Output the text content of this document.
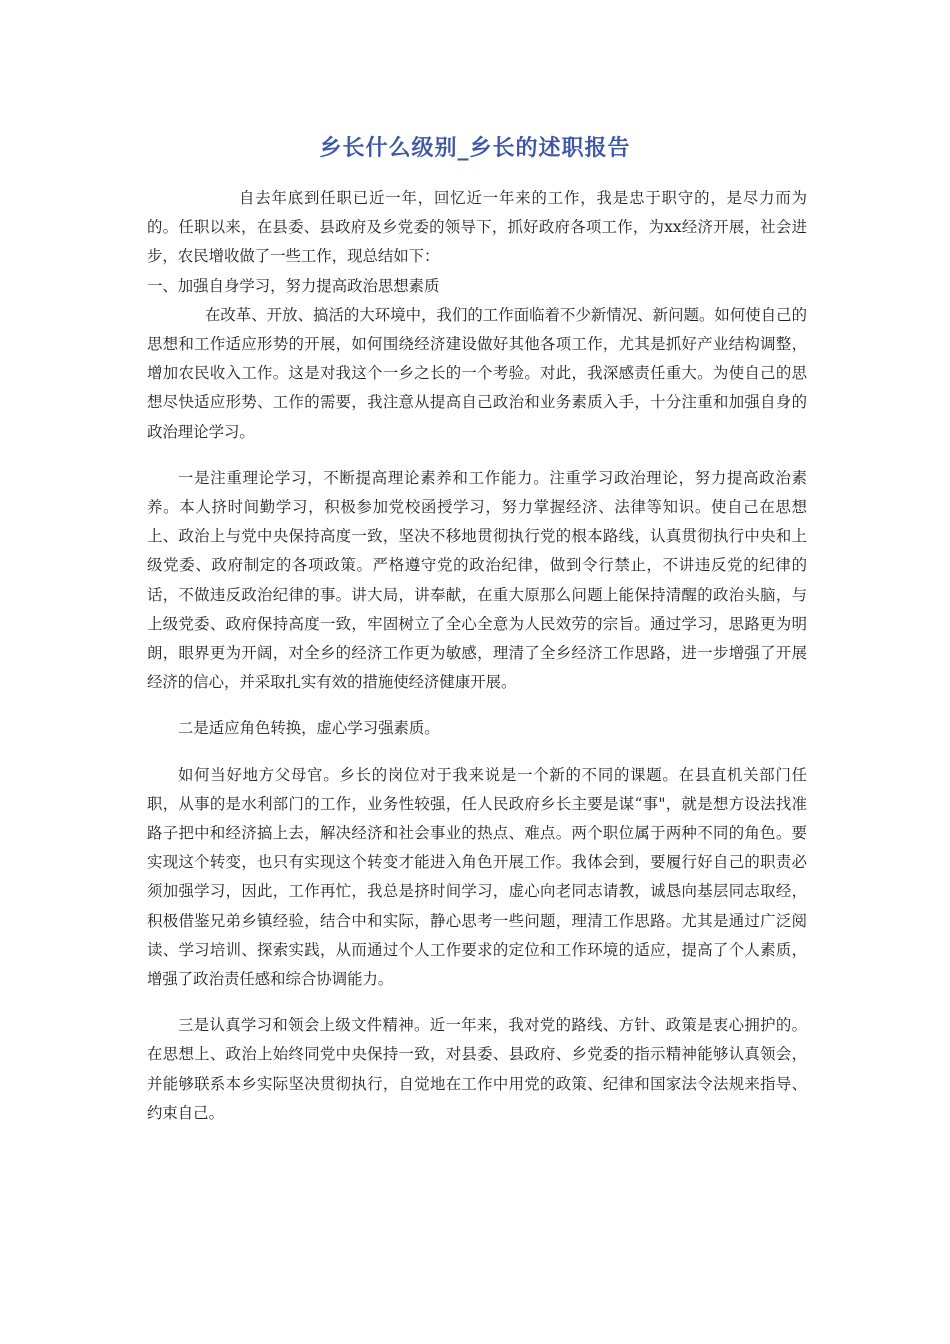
乡长什么级别_乡长的述职报告

自去年底到任职已近一年，回忆近一年来的工作，我是忠于职守的，是尽力而为的。任职以来，在县委、县政府及乡党委的领导下，抓好政府各项工作，为xx经济开展，社会进步，农民增收做了一些工作，现总结如下：

一、加强自身学习，努力提高政治思想素质

在改革、开放、搞活的大环境中，我们的工作面临着不少新情况、新问题。如何使自己的思想和工作适应形势的开展，如何围绕经济建设做好其他各项工作，尤其是抓好产业结构调整，增加农民收入工作。这是对我这个一乡之长的一个考验。对此，我深感责任重大。为使自己的思想尽快适应形势、工作的需要，我注意从提高自己政治和业务素质入手，十分注重和加强自身的政治理论学习。

一是注重理论学习，不断提高理论素养和工作能力。注重学习政治理论，努力提高政治素养。本人挤时间勤学习，积极参加党校函授学习，努力掌握经济、法律等知识。使自己在思想上、政治上与党中央保持高度一致，坚决不移地贯彻执行党的根本路线，认真贯彻执行中央和上级党委、政府制定的各项政策。严格遵守党的政治纪律，做到令行禁止，不讲违反党的纪律的话，不做违反政治纪律的事。讲大局，讲奉献，在重大原那么问题上能保持清醒的政治头脑，与上级党委、政府保持高度一致，牢固树立了全心全意为人民效劳的宗旨。通过学习，思路更为明朗，眼界更为开阔，对全乡的经济工作更为敏感，理清了全乡经济工作思路，进一步增强了开展经济的信心，并采取扎实有效的措施使经济健康开展。

二是适应角色转换，虚心学习强素质。

如何当好地方父母官。乡长的岗位对于我来说是一个新的不同的课题。在县直机关部门任职，从事的是水利部门的工作，业务性较强，任人民政府乡长主要是谋“事"，就是想方设法找准路子把中和经济搞上去，解决经济和社会事业的热点、难点。两个职位属于两种不同的角色。要实现这个转变，也只有实现这个转变才能进入角色开展工作。我体会到，要履行好自己的职责必须加强学习，因此，工作再忙，我总是挤时间学习，虚心向老同志请教，诚恳向基层同志取经，积极借鉴兄弟乡镇经验，结合中和实际，静心思考一些问题，理清工作思路。尤其是通过广泛阅读、学习培训、探索实践，从而通过个人工作要求的定位和工作环境的适应，提高了个人素质，增强了政治责任感和综合协调能力。

三是认真学习和领会上级文件精神。近一年来，我对党的路线、方针、政策是衷心拥护的。在思想上、政治上始终同党中央保持一致，对县委、县政府、乡党委的指示精神能够认真领会，并能够联系本乡实际坚决贯彻执行，自觉地在工作中用党的政策、纪律和国家法令法规来指导、约束自己。
